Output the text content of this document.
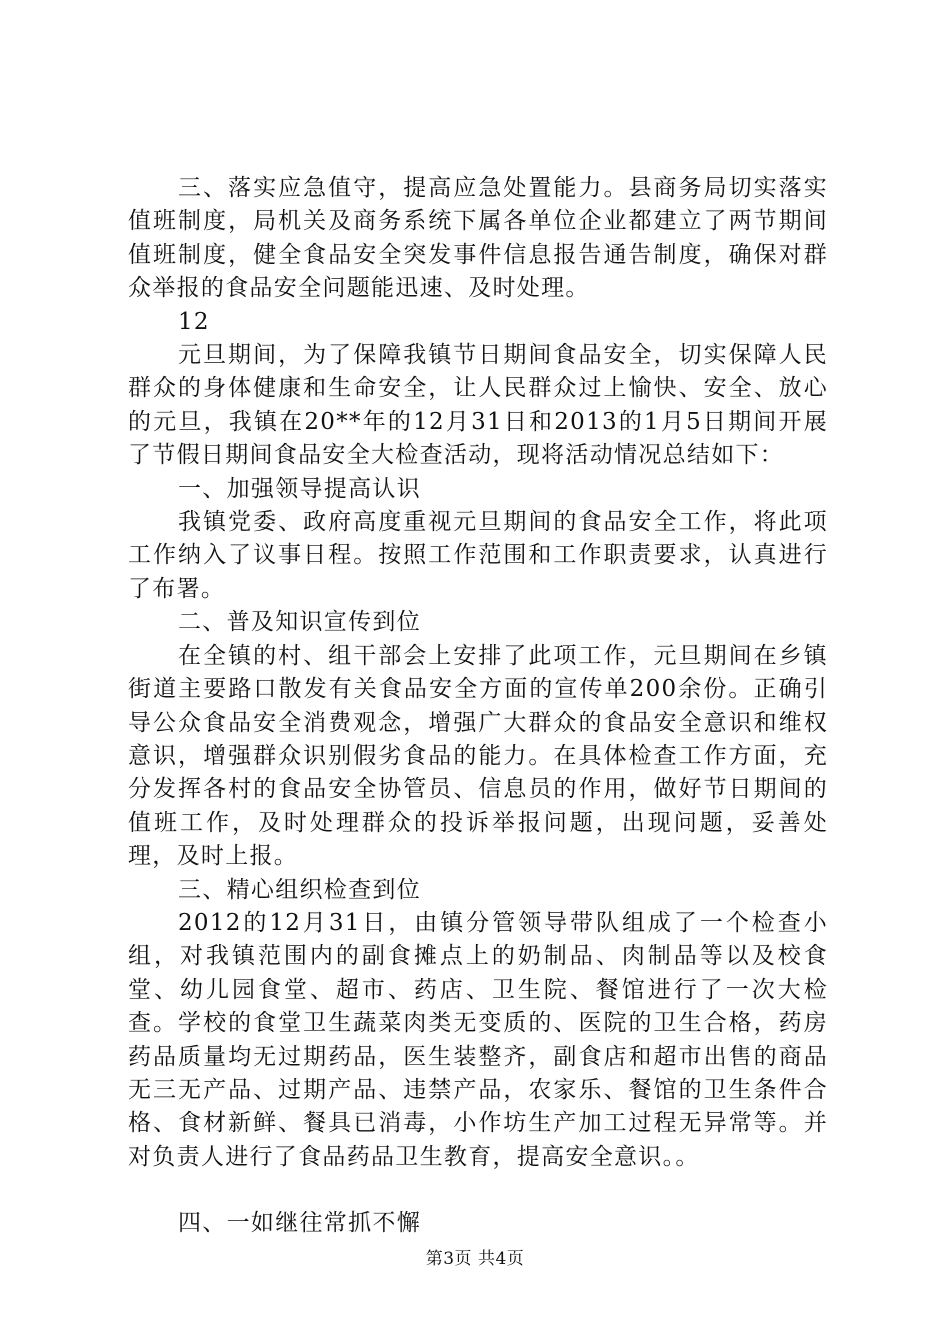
三、落实应急值守，提高应急处置能力。县商务局切实落实值班制度，局机关及商务系统下属各单位企业都建立了两节期间值班制度，健全食品安全突发事件信息报告通告制度，确保对群众举报的食品安全问题能迅速、及时处理。

12

元旦期间，为了保障我镇节日期间食品安全，切实保障人民群众的身体健康和生命安全，让人民群众过上愉快、安全、放心的元旦，我镇在20**年的12月31日和2013的1月5日期间开展了节假日期间食品安全大检查活动，现将活动情况总结如下：

一、加强领导提高认识

我镇党委、政府高度重视元旦期间的食品安全工作，将此项工作纳入了议事日程。按照工作范围和工作职责要求，认真进行了布署。

二、普及知识宣传到位

在全镇的村、组干部会上安排了此项工作，元旦期间在乡镇街道主要路口散发有关食品安全方面的宣传单200余份。正确引导公众食品安全消费观念，增强广大群众的食品安全意识和维权意识，增强群众识别假劣食品的能力。在具体检查工作方面，充分发挥各村的食品安全协管员、信息员的作用，做好节日期间的值班工作，及时处理群众的投诉举报问题，出现问题，妥善处理，及时上报。

三、精心组织检查到位

2012的12月31日，由镇分管领导带队组成了一个检查小组，对我镇范围内的副食摊点上的奶制品、肉制品等以及校食堂、幼儿园食堂、超市、药店、卫生院、餐馆进行了一次大检查。学校的食堂卫生蔬菜肉类无变质的、医院的卫生合格，药房药品质量均无过期药品，医生装整齐，副食店和超市出售的商品无三无产品、过期产品、违禁产品，农家乐、餐馆的卫生条件合格、食材新鲜、餐具已消毒，小作坊生产加工过程无异常等。并对负责人进行了食品药品卫生教育，提高安全意识。。

四、一如继往常抓不懈

第3页 共4页
